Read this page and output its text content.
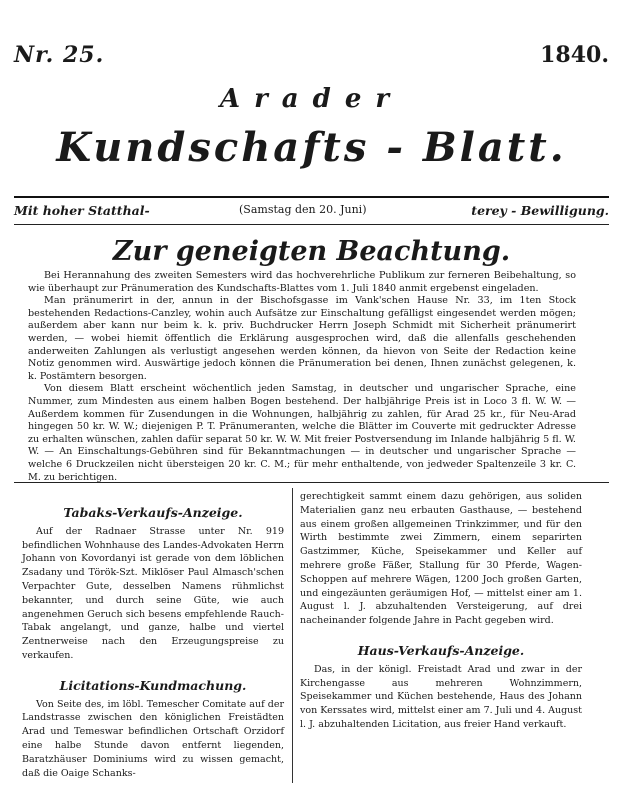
Nr. 25.	1840.
Arader
Kundschafts - Blatt.
Mit hoher Statthal-	(Samstag den 20. Juni)	terey - Bewilligung.
Zur geneigten Beachtung.

Bei Herannahung des zweiten Semesters wird das hochverehrliche Publikum zur ferneren Beibehaltung, so wie überhaupt zur Pränumeration des Kundschafts-Blattes vom 1. Juli 1840 anmit ergebenst eingeladen.

Man pränumerirt in der, annun in der Bischofsgasse im Vank'schen Hause Nr. 33, im 1ten Stock bestehenden Redactions-Canzley, wohin auch Aufsätze zur Einschaltung gefälligst eingesendet werden mögen; außerdem aber kann nur beim k. k. priv. Buchdrucker Herrn Joseph Schmidt mit Sicherheit pränumerirt werden, — wobei hiemit öffentlich die Erklärung ausgesprochen wird, daß die allenfalls geschehenden anderweiten Zahlungen als verlustigt angesehen werden können, da hievon von Seite der Redaction keine Notiz genommen wird. Auswärtige jedoch können die Pränumeration bei denen, Ihnen zunächst gelegenen, k. k. Postämtern besorgen.

Von diesem Blatt erscheint wöchentlich jeden Samstag, in deutscher und ungarischer Sprache, eine Nummer, zum Mindesten aus einem halben Bogen bestehend. Der halbjährige Preis ist in Loco 3 fl. W. W. — Außerdem kommen für Zusendungen in die Wohnungen, halbjährig zu zahlen, für Arad 25 kr., für Neu-Arad hingegen 50 kr. W. W.; diejenigen P. T. Pränumeranten, welche die Blätter im Couverte mit gedruckter Adresse zu erhalten wünschen, zahlen dafür separat 50 kr. W. W. Mit freier Postversendung im Inlande halbjährig 5 fl. W. W. — An Einschaltungs-Gebühren sind für Bekanntmachungen — in deutscher und ungarischer Sprache — welche 6 Druckzeilen nicht übersteigen 20 kr. C. M.; für mehr enthaltende, von jedweder Spaltenzeile 3 kr. C. M. zu berichtigen.

Tabaks-Verkaufs-Anzeige.

Auf der Radnaer Strasse unter Nr. 919 befindlichen Wohnhause des Landes-Advokaten Herrn Johann von Kovordanyi ist gerade von dem löblichen Zsadany und Török-Szt. Miklöser Paul Almasch'schen Verpachter Gute, desselben Namens rühmlichst bekannter, und durch seine Güte, wie auch angenehmen Geruch sich besens empfehlende Rauch-Tabak angelangt, und ganze, halbe und viertel Zentnerweise nach den Erzeugungspreise zu verkaufen.

Licitations-Kundmachung.

Von Seite des, im löbl. Temescher Comitate auf der Landstrasse zwischen den königlichen Freistädten Arad und Temeswar befindlichen Ortschaft Orzidorf eine halbe Stunde davon entfernt liegenden, Baratzhäuser Dominiums wird zu wissen gemacht, daß die Oaige Schanks-

gerechtigkeit sammt einem dazu gehörigen, aus soliden Materialien ganz neu erbauten Gasthause, — bestehend aus einem großen allgemeinen Trinkzimmer, und für den Wirth bestimmte zwei Zimmern, einem separirten Gastzimmer, Küche, Speisekammer und Keller auf mehrere große Fäßer, Stallung für 30 Pferde, Wagen-Schoppen auf mehrere Wägen, 1200 Joch großen Garten, und eingezäunten geräumigen Hof, — mittelst einer am 1. August l. J. abzuhaltenden Versteigerung, auf drei nacheinander folgende Jahre in Pacht gegeben wird.

Haus-Verkaufs-Anzeige.

Das, in der königl. Freistadt Arad und zwar in der Kirchengasse aus mehreren Wohnzimmern, Speisekammer und Küchen bestehende, Haus des Johann von Kerssates wird, mittelst einer am 7. Juli und 4. August l. J. abzuhaltenden Licitation, aus freier Hand verkauft.
